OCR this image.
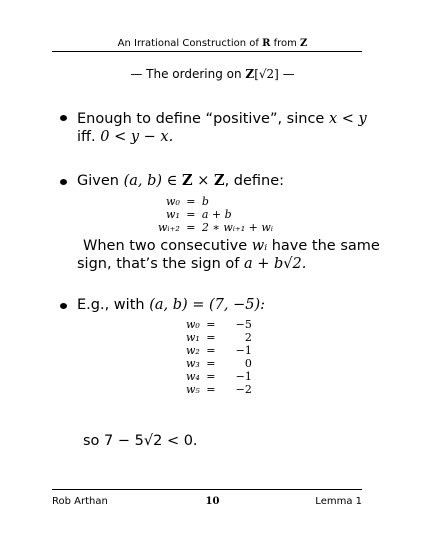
An Irrational Construction of R from Z
— The ordering on Z[√2] —
Enough to define “positive”, since x < y
iff. 0 < y − x.
Given (a, b) ∈ Z × Z, define:
w₀	=	b
w₁	=	a + b
wᵢ₊₂	=	2 ∗ wᵢ₊₁ + wᵢ
When two consecutive wᵢ have the same
sign, that’s the sign of a + b√2.
E.g., with (a, b) = (7, −5):
w₀	=	−5
w₁	=	2
w₂	=	−1
w₃	=	0
w₄	=	−1
w₅	=	−2
so 7 − 5√2 < 0.
Rob Arthan	10	Lemma 1
